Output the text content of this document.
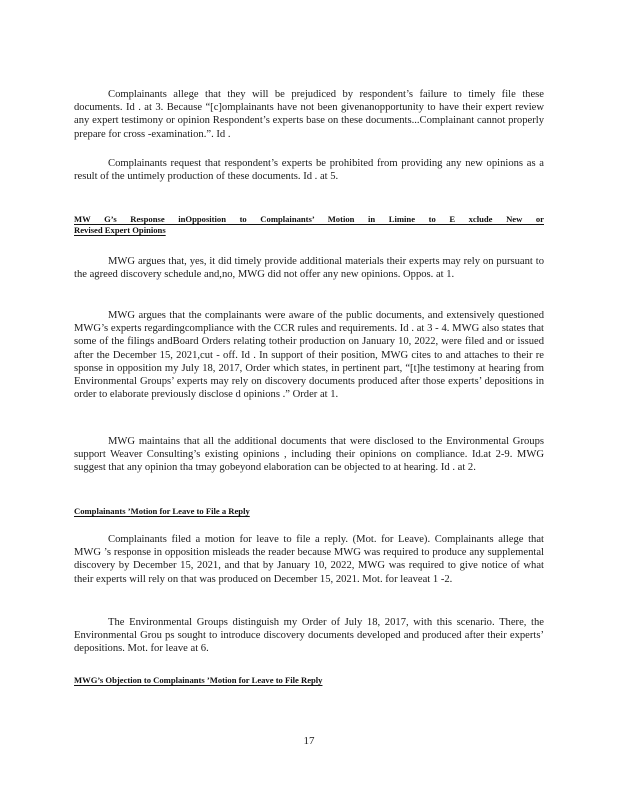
Complainants allege that they will be prejudiced by respondent’s failure to timely file these documents. Id . at 3. Because “[c]omplainants have not been givenanopportunity to have their expert review any expert testimony or opinion Respondent’s experts base on these documents...Complainant cannot properly prepare for cross -examination.”. Id .

Complainants request that respondent’s experts be prohibited from providing any new opinions as a result of the untimely production of these documents. Id . at 5.

MW G’s Response inOpposition to Complainants’ Motion in Limine to E xclude New or
Revised Expert Opinions

MWG argues that, yes, it did timely provide additional materials their experts may rely on pursuant to the agreed discovery schedule and,no, MWG did not offer any new opinions. Oppos. at 1.

MWG argues that the complainants were aware of the public documents, and extensively questioned MWG’s experts regardingcompliance with the CCR rules and requirements. Id . at 3 - 4. MWG also states that some of the filings andBoard Orders relating totheir production on January 10, 2022, were filed and or issued after the December 15, 2021,cut - off. Id . In support of their position, MWG cites to and attaches to their re sponse in opposition my July 18, 2017, Order which states, in pertinent part, “[t]he testimony at hearing from Environmental Groups’ experts may rely on discovery documents produced after those experts’ depositions in order to elaborate previously disclose d opinions .” Order at 1.

MWG maintains that all the additional documents that were disclosed to the Environmental Groups support Weaver Consulting’s existing opinions , including their opinions on compliance. Id.at 2-9. MWG suggest that any opinion tha tmay gobeyond elaboration can be objected to at hearing. Id . at 2.

Complainants ’Motion for Leave to File a Reply

Complainants filed a motion for leave to file a reply. (Mot. for Leave). Complainants allege that MWG ’s response in opposition misleads the reader because MWG was required to produce any supplemental discovery by December 15, 2021, and that by January 10, 2022, MWG was required to give notice of what their experts will rely on that was produced on December 15, 2021. Mot. for leaveat 1 -2.

The Environmental Groups distinguish my Order of July 18, 2017, with this scenario. There, the Environmental Grou ps sought to introduce discovery documents developed and produced after their experts’ depositions. Mot. for leave at 6.

MWG’s Objection to Complainants ’Motion for Leave to File Reply
17
